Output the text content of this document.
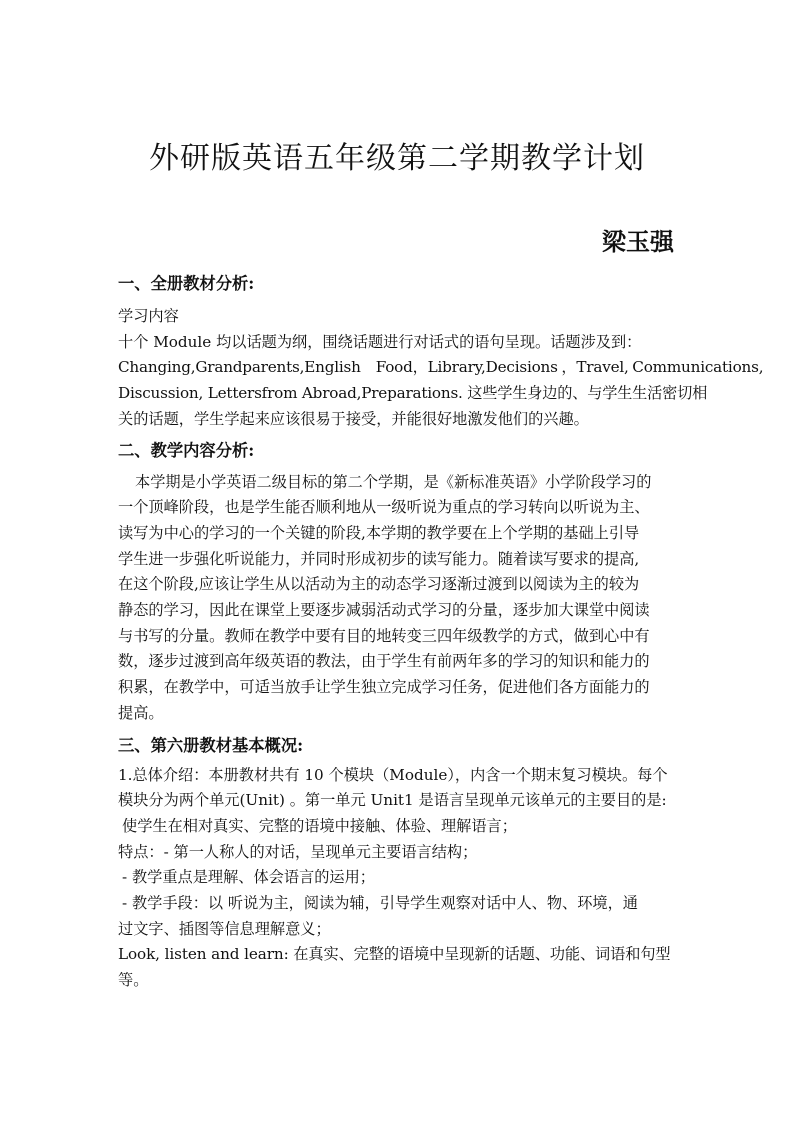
外研版英语五年级第二学期教学计划
梁玉强
一、全册教材分析:
学习内容
十个 Module 均以话题为纲，围绕话题进行对话式的语句呈现。话题涉及到：
Changing,Grandparents,English　Food，Library,Decisions ，Travel, Communications,
Discussion, Lettersfrom Abroad,Preparations. 这些学生身边的、与学生生活密切相
关的话题，学生学起来应该很易于接受，并能很好地激发他们的兴趣。
二、教学内容分析:
本学期是小学英语二级目标的第二个学期，是《新标准英语》小学阶段学习的
一个顶峰阶段，也是学生能否顺利地从一级听说为重点的学习转向以听说为主、
读写为中心的学习的一个关键的阶段,本学期的教学要在上个学期的基础上引导
学生进一步强化听说能力，并同时形成初步的读写能力。随着读写要求的提高,
在这个阶段,应该让学生从以活动为主的动态学习逐渐过渡到以阅读为主的较为
静态的学习，因此在课堂上要逐步减弱活动式学习的分量，逐步加大课堂中阅读
与书写的分量。教师在教学中要有目的地转变三四年级教学的方式，做到心中有
数，逐步过渡到高年级英语的教法，由于学生有前两年多的学习的知识和能力的
积累，在教学中，可适当放手让学生独立完成学习任务，促进他们各方面能力的
提高。
三、第六册教材基本概况:
1.总体介绍：本册教材共有 10 个模块（Module），内含一个期末复习模块。每个
模块分为两个单元(Unit) 。第一单元 Unit1 是语言呈现单元该单元的主要目的是:
使学生在相对真实、完整的语境中接触、体验、理解语言；
特点：- 第一人称人的对话，呈现单元主要语言结构；
- 教学重点是理解、体会语言的运用；
- 教学手段：以 听说为主，阅读为辅，引导学生观察对话中人、物、环境，通
过文字、插图等信息理解意义；
Look, listen and learn: 在真实、完整的语境中呈现新的话题、功能、词语和句型
等。
